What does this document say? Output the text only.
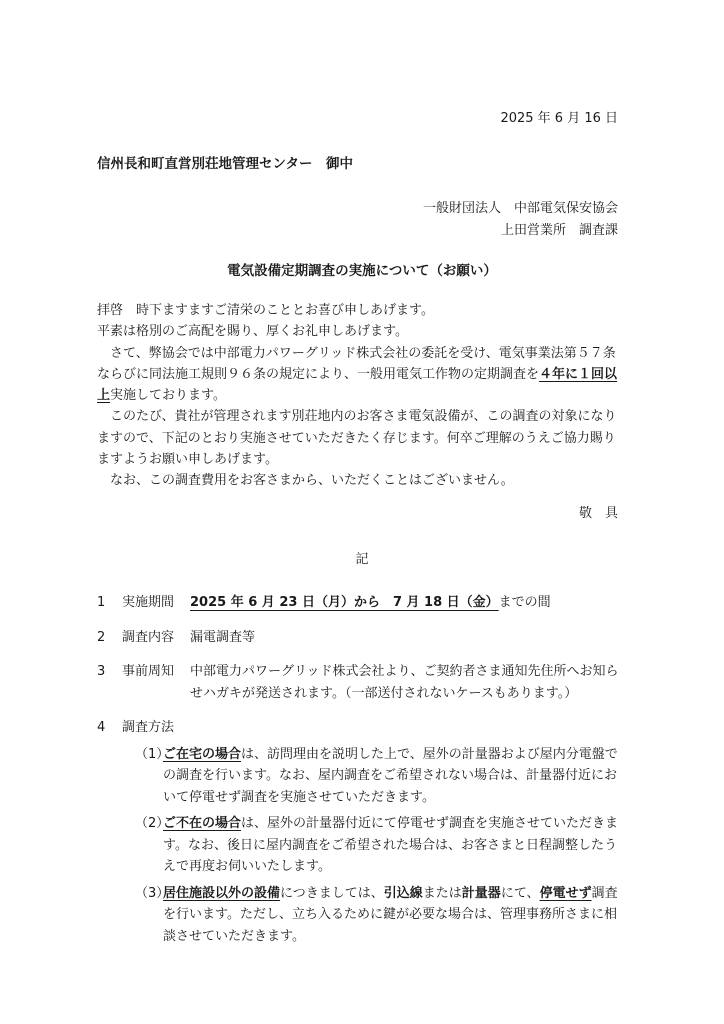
2025 年 6 月 16 日
信州長和町直営別荘地管理センター　御中
一般財団法人　中部電気保安協会
上田営業所　調査課
電気設備定期調査の実施について（お願い）

拝啓　時下ますますご清栄のこととお喜び申しあげます。

平素は格別のご高配を賜り、厚くお礼申しあげます。

さて、弊協会では中部電力パワーグリッド株式会社の委託を受け、電気事業法第５７条ならびに同法施工規則９６条の規定により、一般用電気工作物の定期調査を４年に１回以上実施しております。

このたび、貴社が管理されます別荘地内のお客さま電気設備が、この調査の対象になりますので、下記のとおり実施させていただきたく存じます。何卒ご理解のうえご協力賜りますようお願い申しあげます。

なお、この調査費用をお客さまから、いただくことはございません。

敬　具
記
1 実施期間 2025 年 6 月 23 日（月）から　7 月 18 日（金）までの間
2 調査内容 漏電調査等
3 事前周知 中部電力パワーグリッド株式会社より、ご契約者さま通知先住所へお知らせハガキが発送されます。（一部送付されないケースもあります。）
4 調査方法
（1）
ご在宅の場合は、訪問理由を説明した上で、屋外の計量器および屋内分電盤での調査を行います。なお、屋内調査をご希望されない場合は、計量器付近において停電せず調査を実施させていただきます。
（2）
ご不在の場合は、屋外の計量器付近にて停電せず調査を実施させていただきます。なお、後日に屋内調査をご希望された場合は、お客さまと日程調整したうえで再度お伺いいたします。
（3）
居住施設以外の設備につきましては、引込線または計量器にて、停電せず調査を行います。ただし、立ち入るために鍵が必要な場合は、管理事務所さまに相談させていただきます。
